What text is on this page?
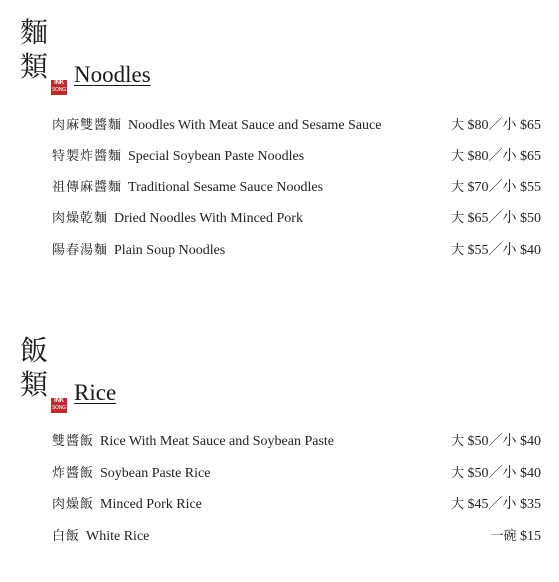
麵
類	INK
SONG
Noodles
肉麻雙醬麵 Noodles With Meat Sauce and Sesame Sauce	大 $80／小 $65
特製炸醬麵 Special Soybean Paste Noodles	大 $80／小 $65
祖傳麻醬麵 Traditional Sesame Sauce Noodles	大 $70／小 $55
肉燥乾麵 Dried Noodles With Minced Pork	大 $65／小 $50
陽春湯麵 Plain Soup Noodles	大 $55／小 $40
飯
類	INK
SONG
Rice
雙醬飯 Rice With Meat Sauce and Soybean Paste	大 $50／小 $40
炸醬飯 Soybean Paste Rice	大 $50／小 $40
肉燥飯 Minced Pork Rice	大 $45／小 $35
白飯 White Rice	一碗 $15
